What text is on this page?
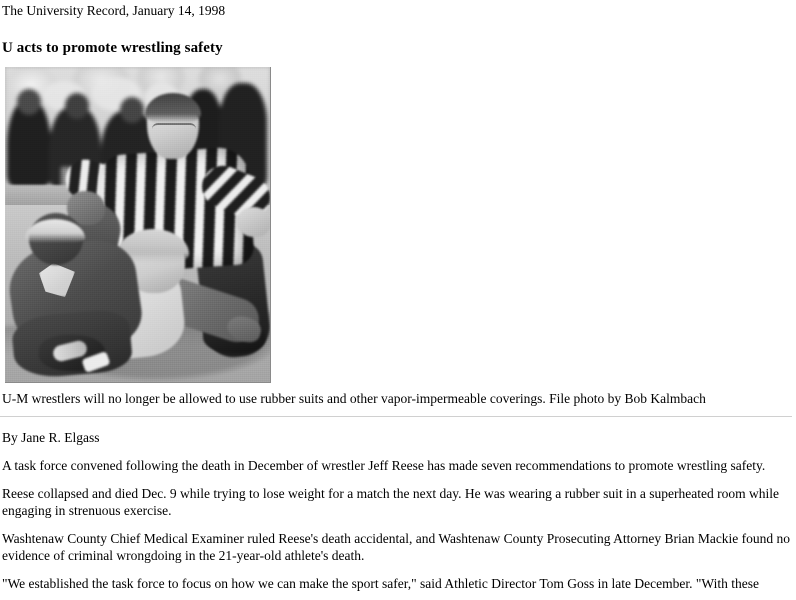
The University Record, January 14, 1998
U acts to promote wrestling safety
U-M wrestlers will no longer be allowed to use rubber suits and other vapor-impermeable coverings. File photo by Bob Kalmbach
By Jane R. Elgass

A task force convened following the death in December of wrestler Jeff Reese has made seven recommendations to promote wrestling safety.

Reese collapsed and died Dec. 9 while trying to lose weight for a match the next day. He was wearing a rubber suit in a superheated room while engaging in strenuous exercise.

Washtenaw County Chief Medical Examiner ruled Reese's death accidental, and Washtenaw County Prosecuting Attorney Brian Mackie found no evidence of criminal wrongdoing in the 21-year-old athlete's death.

"We established the task force to focus on how we can make the sport safer," said Athletic Director Tom Goss in late December. "With these
